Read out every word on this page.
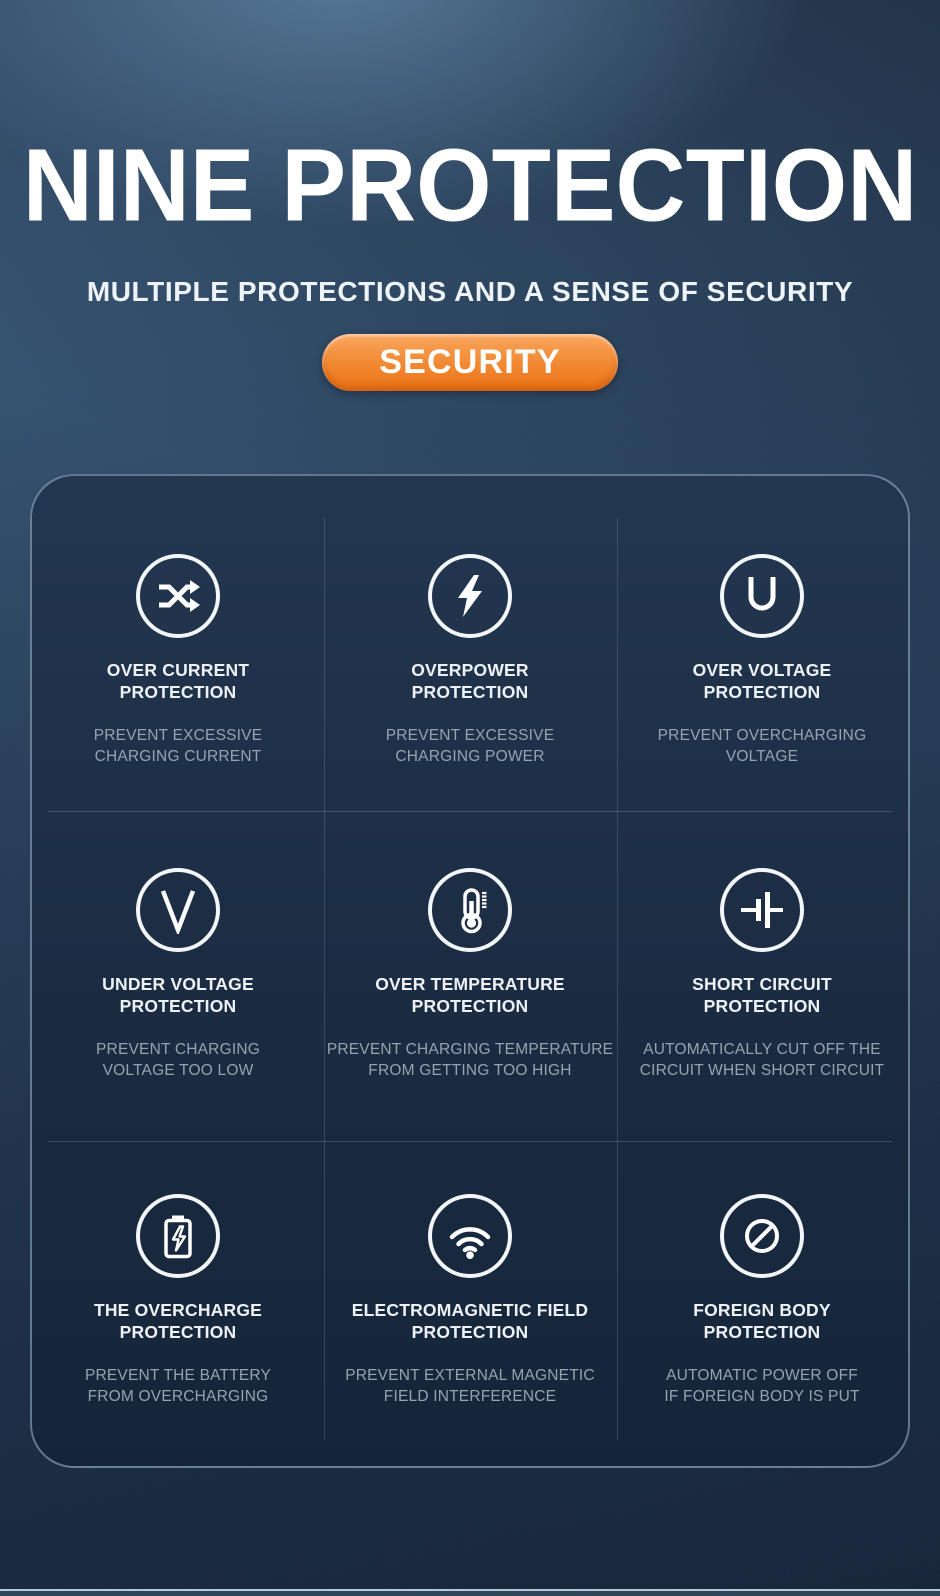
NINE PROTECTION
MULTIPLE PROTECTIONS AND A SENSE OF SECURITY
SECURITY
OVER CURRENT
PROTECTION
PREVENT EXCESSIVE
CHARGING CURRENT
OVERPOWER
PROTECTION
PREVENT EXCESSIVE
CHARGING POWER
OVER VOLTAGE
PROTECTION
PREVENT OVERCHARGING
VOLTAGE
UNDER VOLTAGE
PROTECTION
PREVENT CHARGING
VOLTAGE TOO LOW
OVER TEMPERATURE
PROTECTION
PREVENT CHARGING TEMPERATURE
FROM GETTING TOO HIGH
SHORT CIRCUIT
PROTECTION
AUTOMATICALLY CUT OFF THE
CIRCUIT WHEN SHORT CIRCUIT
THE OVERCHARGE
PROTECTION
PREVENT THE BATTERY
FROM OVERCHARGING
ELECTROMAGNETIC FIELD
PROTECTION
PREVENT EXTERNAL MAGNETIC
FIELD INTERFERENCE
FOREIGN BODY
PROTECTION
AUTOMATIC POWER OFF
IF FOREIGN BODY IS PUT
